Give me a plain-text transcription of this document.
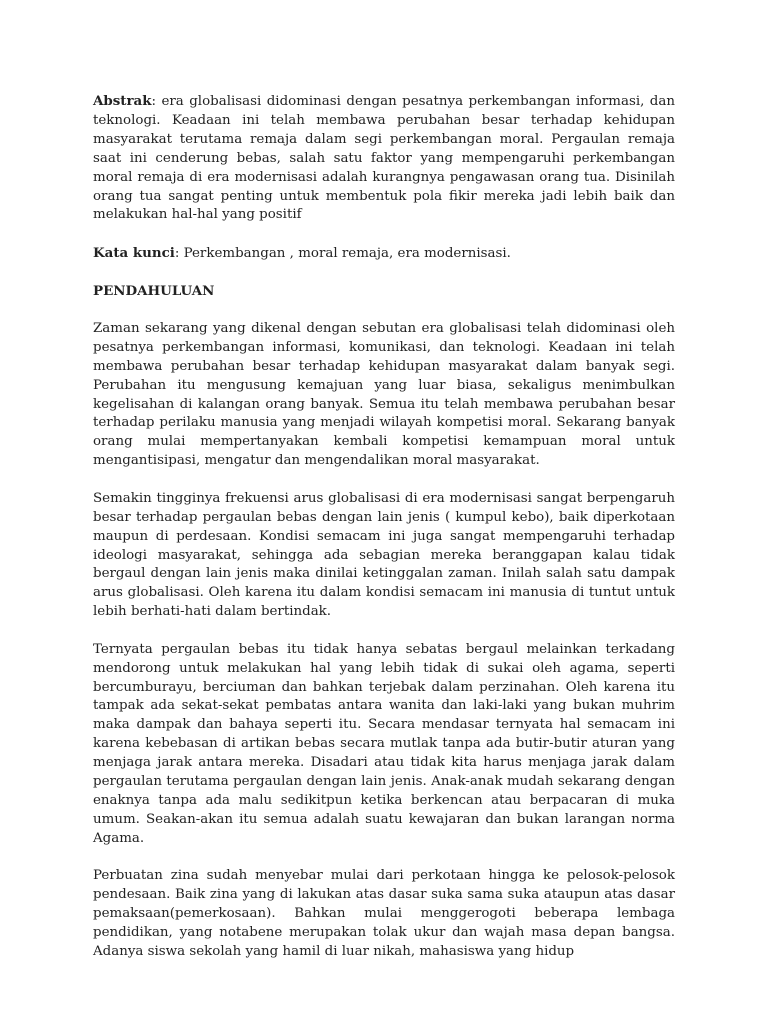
Abstrak: era globalisasi didominasi dengan pesatnya perkembangan informasi, dan teknologi. Keadaan ini telah membawa perubahan besar terhadap kehidupan masyarakat terutama remaja dalam segi perkembangan moral. Pergaulan remaja saat ini cenderung bebas, salah satu faktor yang mempengaruhi perkembangan moral remaja di era modernisasi adalah kurangnya pengawasan orang tua. Disinilah orang tua sangat penting untuk membentuk pola fikir mereka jadi lebih baik dan melakukan hal-hal yang positif

Kata kunci: Perkembangan , moral remaja, era modernisasi.

PENDAHULUAN

Zaman sekarang yang dikenal dengan sebutan era globalisasi telah didominasi oleh pesatnya perkembangan informasi, komunikasi, dan teknologi. Keadaan ini telah membawa perubahan besar terhadap kehidupan masyarakat dalam banyak segi. Perubahan itu mengusung kemajuan yang luar biasa, sekaligus menimbulkan kegelisahan di kalangan orang banyak. Semua itu telah membawa perubahan besar terhadap perilaku manusia yang menjadi wilayah kompetisi moral. Sekarang banyak orang mulai mempertanyakan kembali kompetisi kemampuan moral untuk mengantisipasi, mengatur dan mengendalikan moral masyarakat.

Semakin tingginya frekuensi arus globalisasi di era modernisasi sangat berpengaruh besar terhadap pergaulan bebas dengan lain jenis ( kumpul kebo), baik diperkotaan maupun di perdesaan. Kondisi semacam ini juga sangat mempengaruhi terhadap ideologi masyarakat, sehingga ada sebagian mereka beranggapan kalau tidak bergaul dengan lain jenis maka dinilai ketinggalan zaman. Inilah salah satu dampak arus globalisasi. Oleh karena itu dalam kondisi semacam ini manusia di tuntut untuk lebih berhati-hati dalam bertindak.

Ternyata pergaulan bebas itu tidak hanya sebatas bergaul melainkan terkadang mendorong untuk melakukan hal yang lebih tidak di sukai oleh agama, seperti bercumburayu, berciuman dan bahkan terjebak dalam perzinahan. Oleh karena itu tampak ada sekat-sekat pembatas antara wanita dan laki-laki yang bukan muhrim maka dampak dan bahaya seperti itu. Secara mendasar ternyata hal semacam ini karena kebebasan di artikan bebas secara mutlak tanpa ada butir-butir aturan yang menjaga jarak antara mereka. Disadari atau tidak kita harus menjaga jarak dalam pergaulan terutama pergaulan dengan lain jenis. Anak-anak mudah sekarang dengan enaknya tanpa ada malu sedikitpun ketika berkencan atau berpacaran di muka umum. Seakan-akan itu semua adalah suatu kewajaran dan bukan larangan norma Agama.

Perbuatan zina sudah menyebar mulai dari perkotaan hingga ke pelosok-pelosok pendesaan. Baik zina yang di lakukan atas dasar suka sama suka ataupun atas dasar pemaksaan(pemerkosaan). Bahkan mulai menggerogoti beberapa lembaga pendidikan, yang notabene merupakan tolak ukur dan wajah masa depan bangsa. Adanya siswa sekolah yang hamil di luar nikah, mahasiswa yang hidup
